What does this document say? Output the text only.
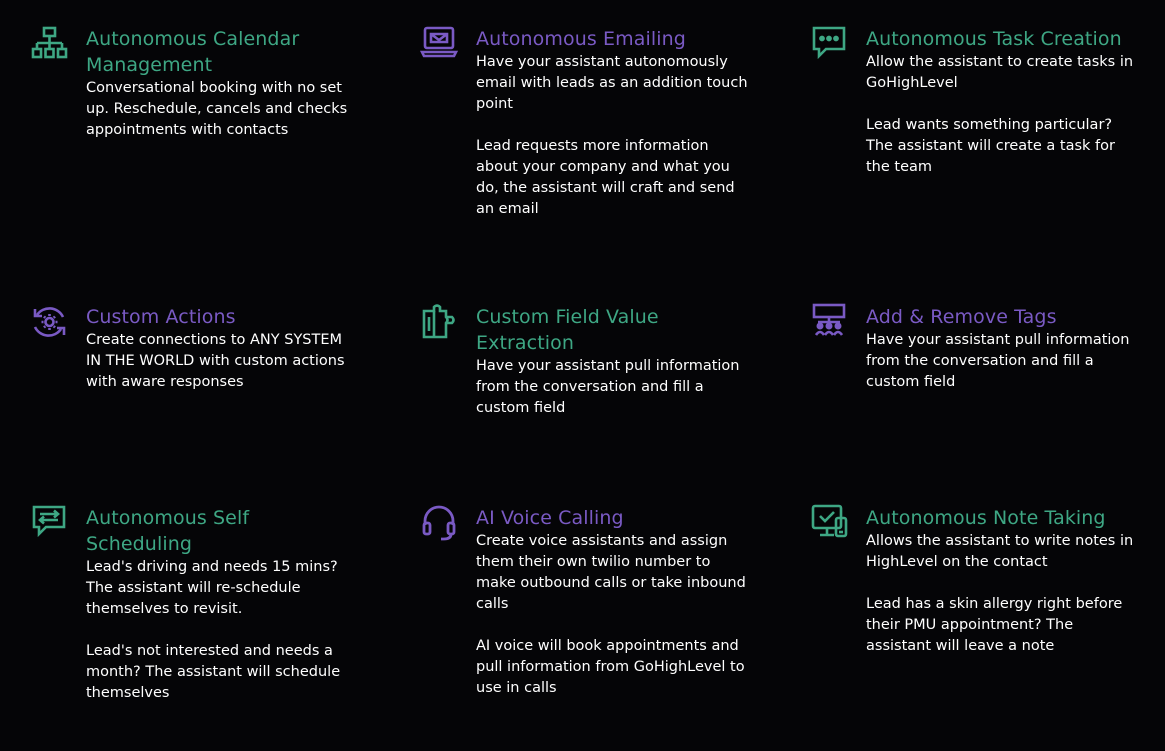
Autonomous Calendar Management

Conversational booking with no set up. Reschedule, cancels and checks appointments with contacts

Autonomous Emailing

Have your assistant autonomously email with leads as an addition touch point

Lead requests more information about your company and what you do, the assistant will craft and send an email

Autonomous Task Creation

Allow the assistant to create tasks in GoHighLevel

Lead wants something particular? The assistant will create a task for the team

Custom Actions

Create connections to ANY SYSTEM IN THE WORLD with custom actions with aware responses

Custom Field Value Extraction

Have your assistant pull information from the conversation and fill a custom field

Add & Remove Tags

Have your assistant pull information from the conversation and fill a custom field

Autonomous Self Scheduling

Lead's driving and needs 15 mins? The assistant will re-schedule themselves to revisit.

Lead's not interested and needs a month? The assistant will schedule themselves

AI Voice Calling

Create voice assistants and assign them their own twilio number to make outbound calls or take inbound calls

AI voice will book appointments and pull information from GoHighLevel to use in calls

Autonomous Note Taking

Allows the assistant to write notes in HighLevel on the contact

Lead has a skin allergy right before their PMU appointment? The assistant will leave a note
